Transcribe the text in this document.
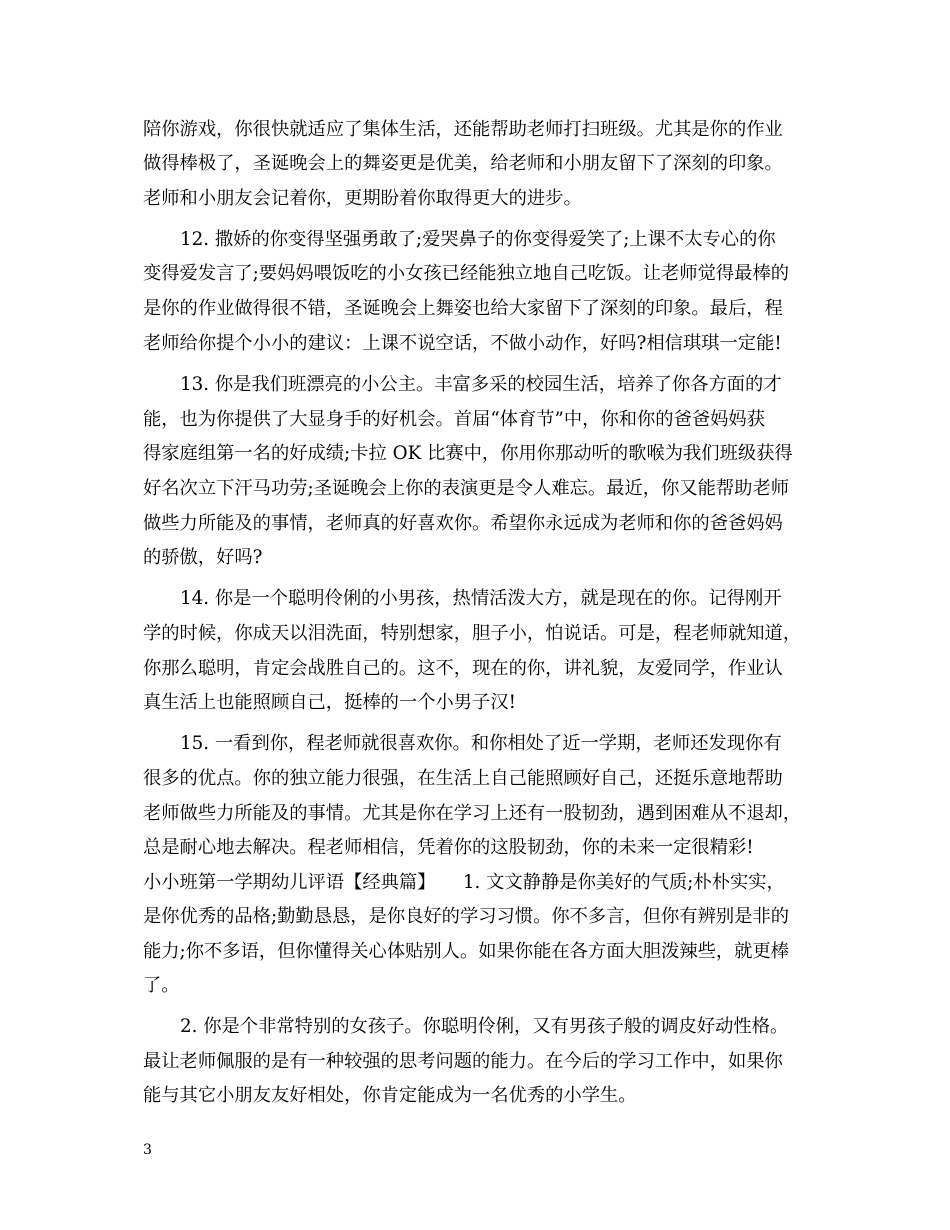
陪你游戏，你很快就适应了集体生活，还能帮助老师打扫班级。尤其是你的作业
做得棒极了，圣诞晚会上的舞姿更是优美，给老师和小朋友留下了深刻的印象。
老师和小朋友会记着你，更期盼着你取得更大的进步。
12. 撒娇的你变得坚强勇敢了;爱哭鼻子的你变得爱笑了;上课不太专心的你
变得爱发言了;要妈妈喂饭吃的小女孩已经能独立地自己吃饭。让老师觉得最棒的
是你的作业做得很不错，圣诞晚会上舞姿也给大家留下了深刻的印象。最后，程
老师给你提个小小的建议：上课不说空话，不做小动作，好吗?相信琪琪一定能!
13. 你是我们班漂亮的小公主。丰富多采的校园生活，培养了你各方面的才
能，也为你提供了大显身手的好机会。首届“体育节”中，你和你的爸爸妈妈获
得家庭组第一名的好成绩;卡拉 OK 比赛中，你用你那动听的歌喉为我们班级获得
好名次立下汗马功劳;圣诞晚会上你的表演更是令人难忘。最近，你又能帮助老师
做些力所能及的事情，老师真的好喜欢你。希望你永远成为老师和你的爸爸妈妈
的骄傲，好吗?
14. 你是一个聪明伶俐的小男孩，热情活泼大方，就是现在的你。记得刚开
学的时候，你成天以泪洗面，特别想家，胆子小，怕说话。可是，程老师就知道，
你那么聪明，肯定会战胜自己的。这不，现在的你，讲礼貌，友爱同学，作业认
真生活上也能照顾自己，挺棒的一个小男子汉!
15. 一看到你，程老师就很喜欢你。和你相处了近一学期，老师还发现你有
很多的优点。你的独立能力很强，在生活上自己能照顾好自己，还挺乐意地帮助
老师做些力所能及的事情。尤其是你在学习上还有一股韧劲，遇到困难从不退却，
总是耐心地去解决。程老师相信，凭着你的这股韧劲，你的未来一定很精彩!
小小班第一学期幼儿评语【经典篇】　　1. 文文静静是你美好的气质;朴朴实实，
是你优秀的品格;勤勤恳恳，是你良好的学习习惯。你不多言，但你有辨别是非的
能力;你不多语，但你懂得关心体贴别人。如果你能在各方面大胆泼辣些，就更棒
了。
2. 你是个非常特别的女孩子。你聪明伶俐，又有男孩子般的调皮好动性格。
最让老师佩服的是有一种较强的思考问题的能力。在今后的学习工作中，如果你
能与其它小朋友友好相处，你肯定能成为一名优秀的小学生。
3
